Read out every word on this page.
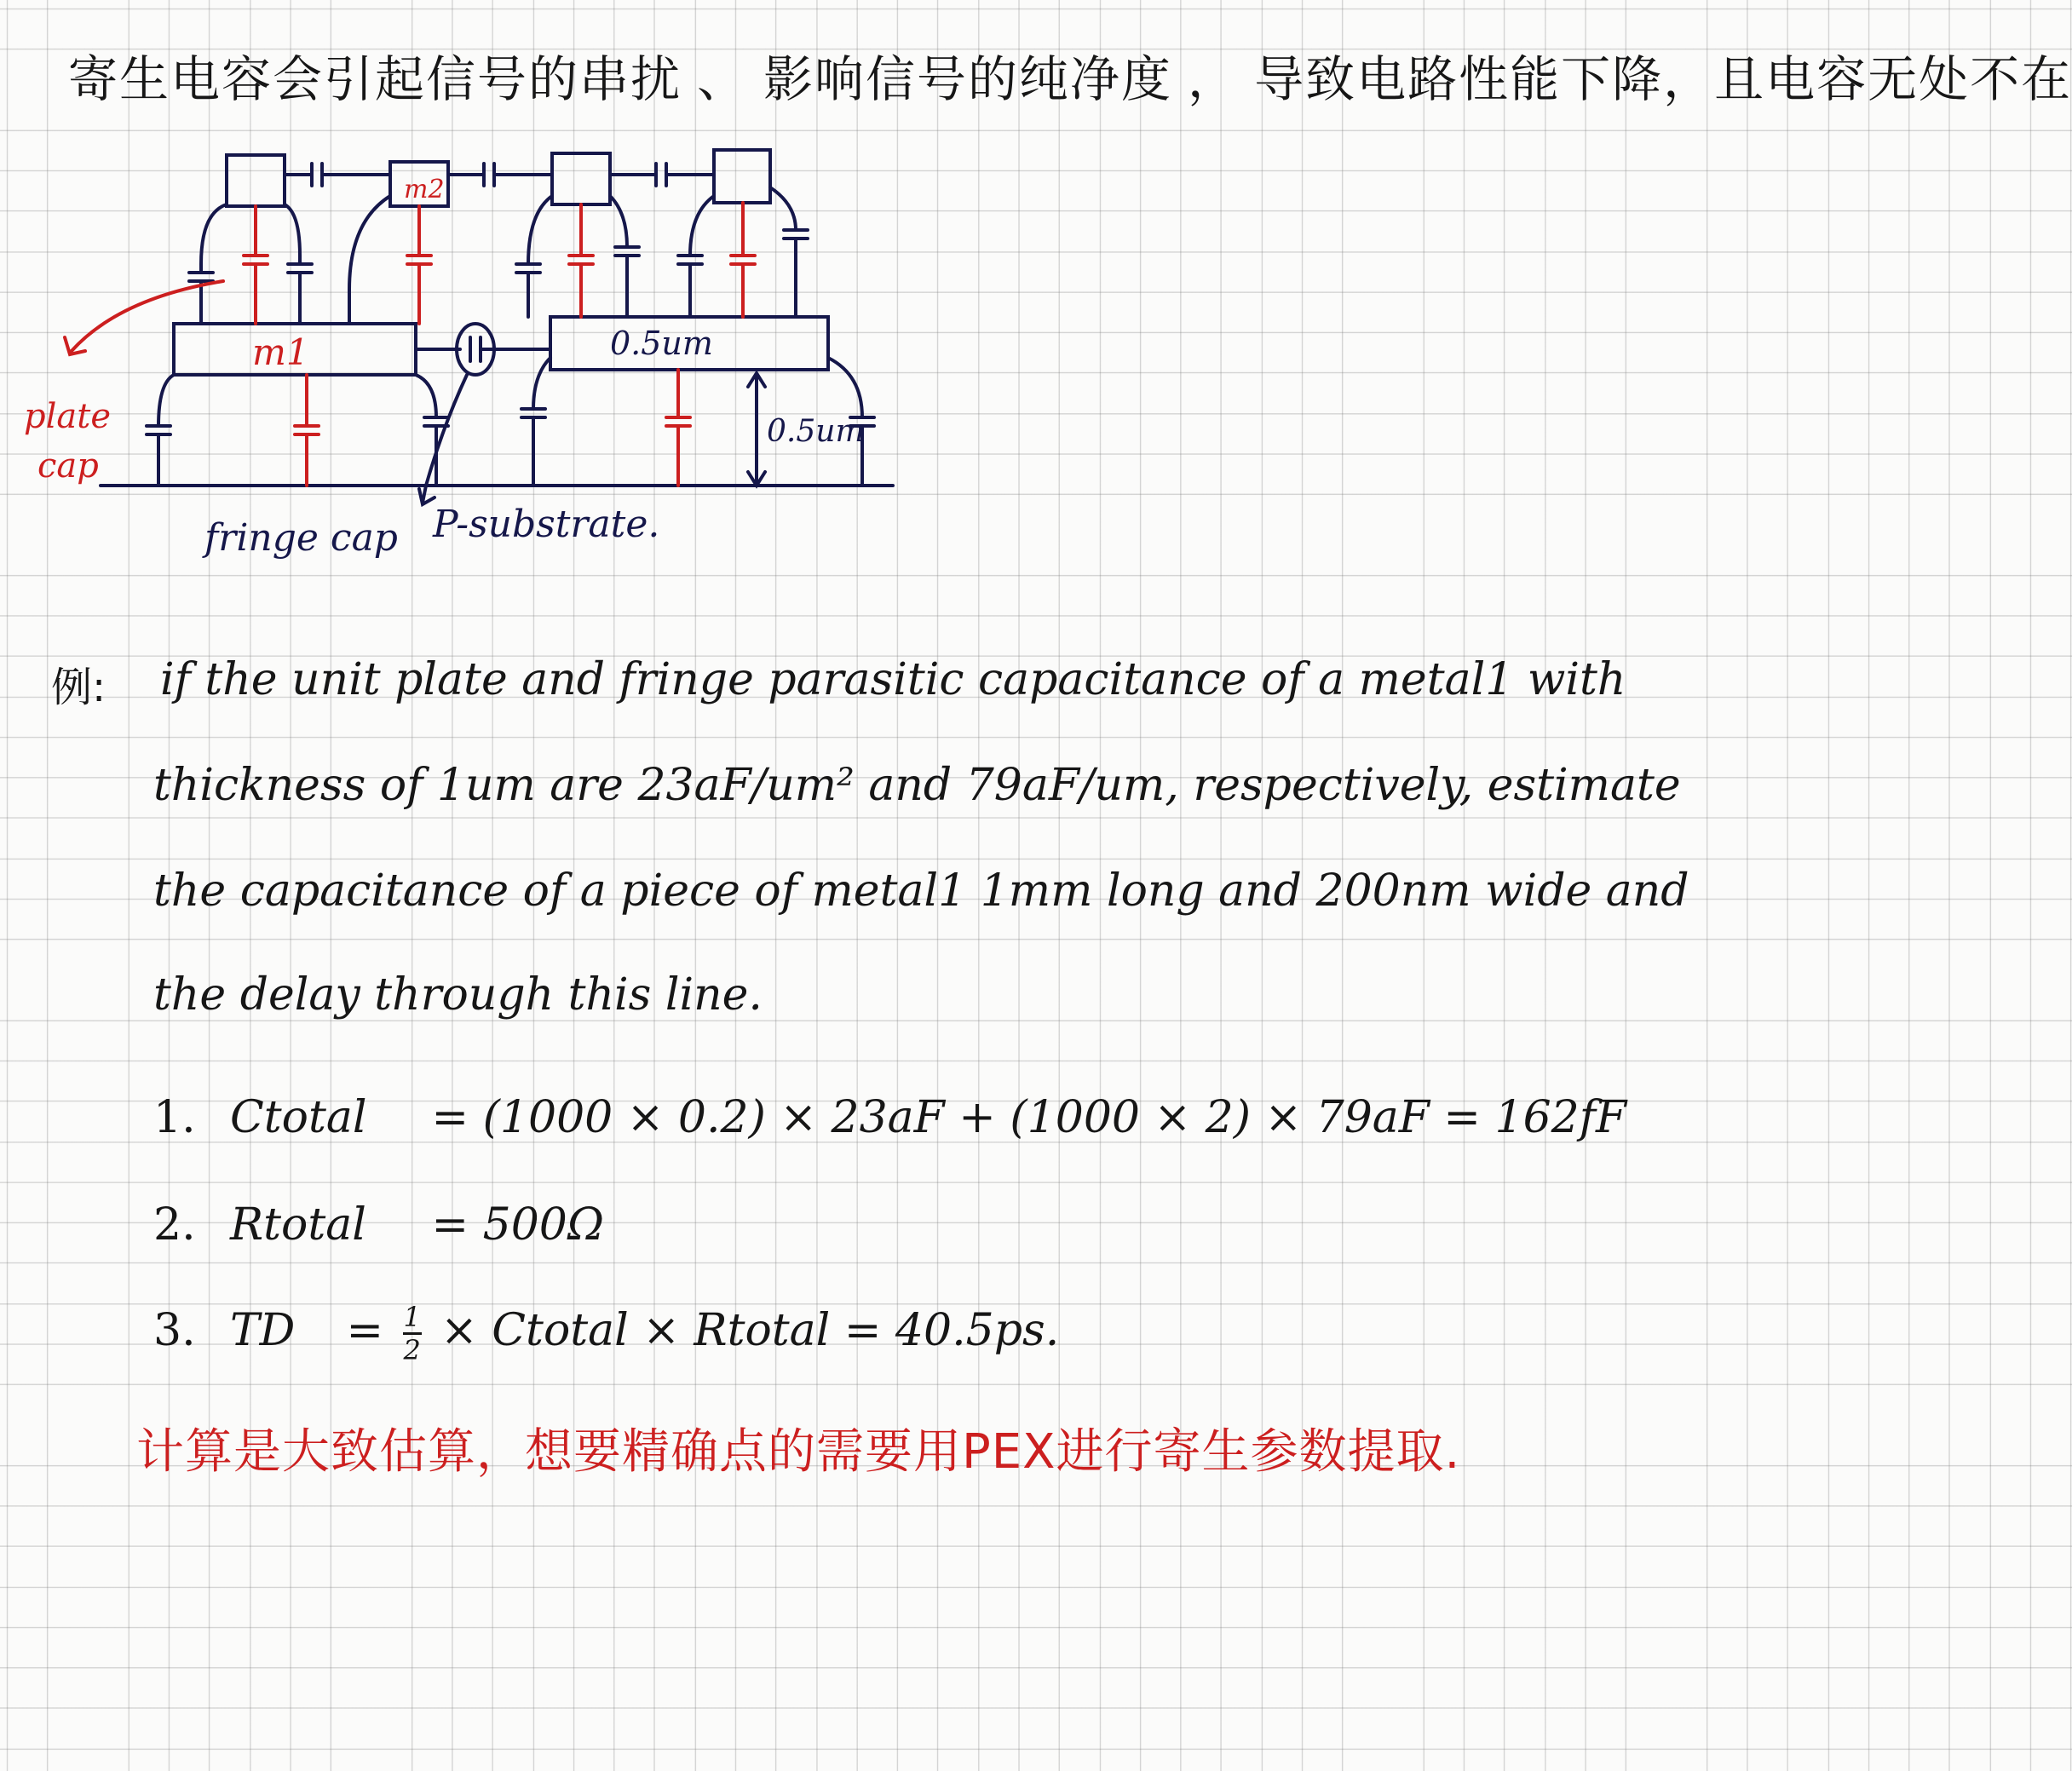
寄生电容会引起信号的串扰 、 影响信号的纯净度 ， 导致电路性能下降，且电容无处不在
m2
m1	0.5um
0.5um
plate
cap
fringe cap P-substrate.
例: if the unit plate and fringe parasitic capacitance of a metal1 with
thickness of 1um are 23aF/um² and 79aF/um, respectively, estimate
the capacitance of a piece of metal1 1mm long and 200nm wide and
the delay through this line.
1. Ctotal = (1000 × 0.2) × 23aF + (1000 × 2) × 79aF = 162fF
2. Rtotal = 500Ω
3. TD = $\frac{1}{2}$ × Ctotal × Rtotal = 40.5ps.
计算是大致估算，想要精确点的需要用PEX进行寄生参数提取.
